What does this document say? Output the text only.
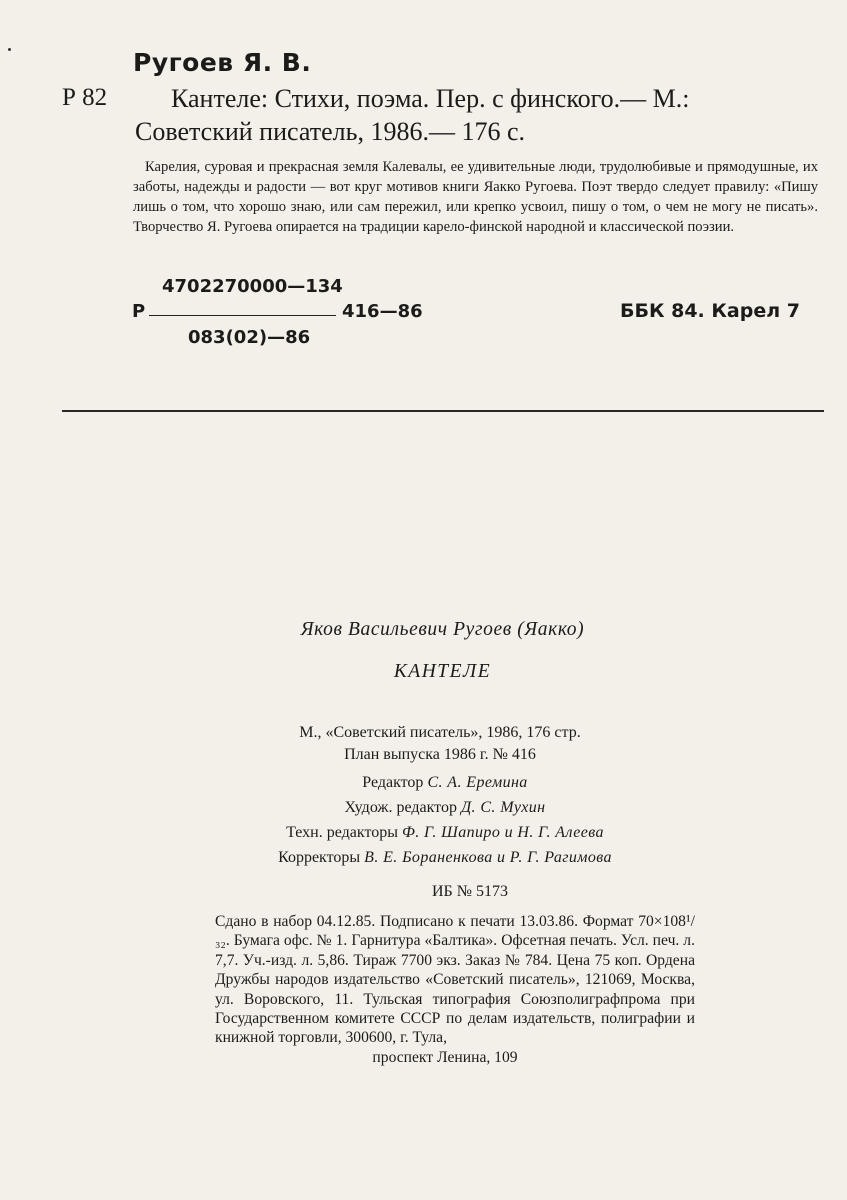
Ругоев Я. В.
Р 82	Кантеле: Стихи, поэма. Пер. с финского.— М.:
Советский писатель, 1986.— 176 с.
Карелия, суровая и прекрасная земля Калевалы, ее удивительные люди, трудолюбивые и прямодушные, их заботы, надежды и радости — вот круг мотивов книги Яакко Ругоева. Поэт твердо следует правилу: «Пишу лишь о том, что хорошо знаю, или сам пережил, или крепко усвоил, пишу о том, о чем не могу не писать». Творчество Я. Ругоева опирается на традиции карело-финской народной и классической поэзии.
4702270000—134
Р	416—86
083(02)—86
ББК 84. Карел 7
Яков Васильевич Ругоев (Яакко)
КАНТЕЛЕ
М., «Советский писатель», 1986, 176 стр.
План выпуска 1986 г. № 416
Редактор С. А. Еремина
Худож. редактор Д. С. Мухин
Техн. редакторы Ф. Г. Шапиро и Н. Г. Алеева
Корректоры В. Е. Бораненкова и Р. Г. Рагимова
ИБ № 5173
Сдано в набор 04.12.85. Подписано к печати 13.03.86. Формат 70×108¹/₃₂. Бумага офс. № 1. Гарнитура «Балтика». Офсетная печать. Усл. печ. л. 7,7. Уч.-изд. л. 5,86. Тираж 7700 экз. Заказ № 784. Цена 75 коп. Ордена Дружбы народов издательство «Советский писатель», 121069, Москва, ул. Воровского, 11. Тульская типография Союзполиграфпрома при Государственном комитете СССР по делам издательств, полиграфии и книжной торговли, 300600, г. Тула,
проспект Ленина, 109
